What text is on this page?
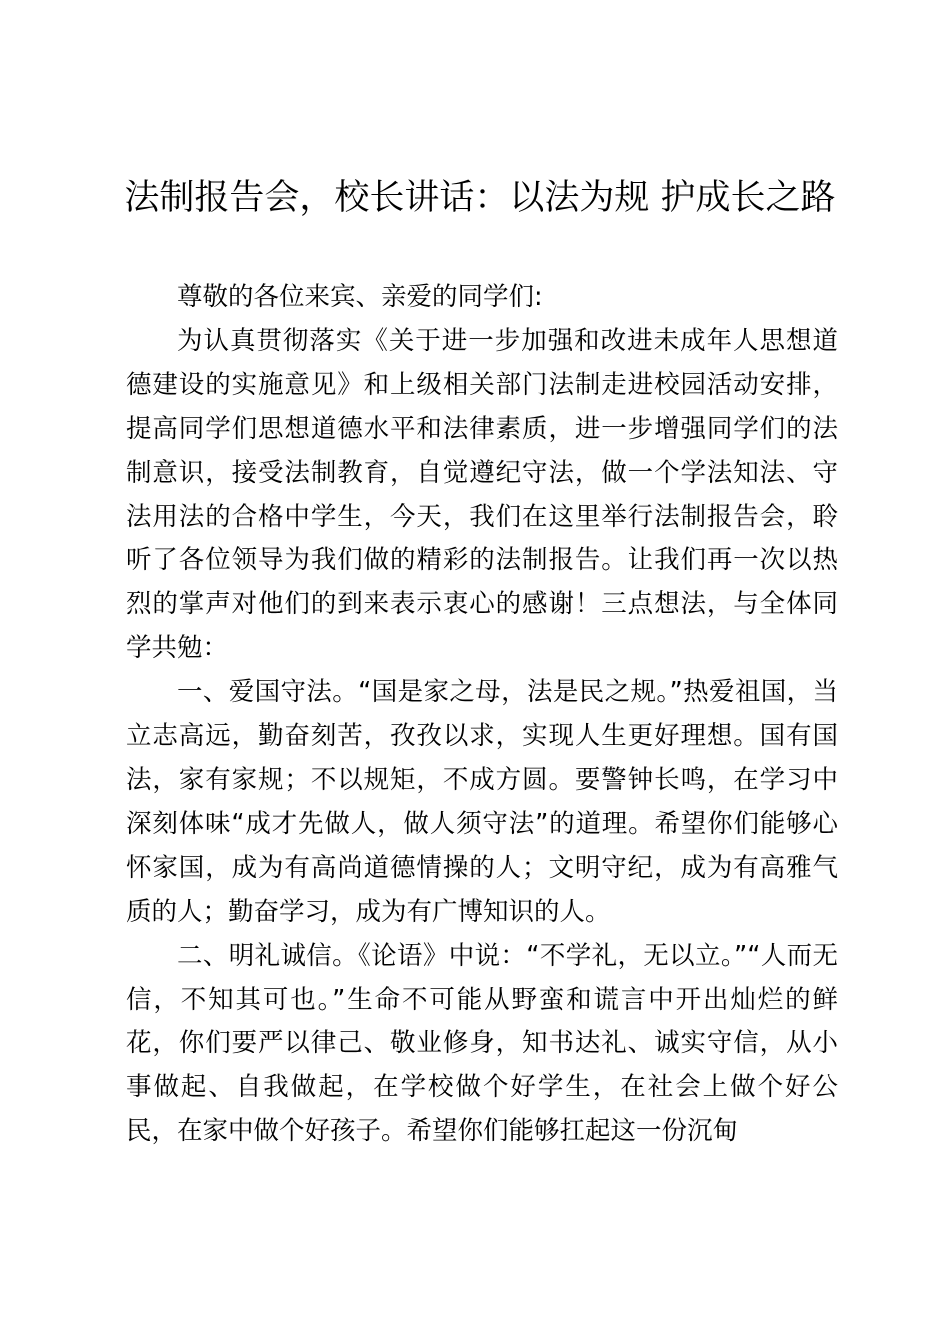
法制报告会，校长讲话：以法为规 护成长之路

尊敬的各位来宾、亲爱的同学们:

为认真贯彻落实《关于进一步加强和改进未成年人思想道德建设的实施意见》和上级相关部门法制走进校园活动安排，提高同学们思想道德水平和法律素质，进一步增强同学们的法制意识，接受法制教育，自觉遵纪守法，做一个学法知法、守法用法的合格中学生，今天，我们在这里举行法制报告会，聆听了各位领导为我们做的精彩的法制报告。让我们再一次以热烈的掌声对他们的到来表示衷心的感谢！三点想法，与全体同学共勉：

一、爱国守法。“国是家之母，法是民之规。”热爱祖国，当立志高远，勤奋刻苦，孜孜以求，实现人生更好理想。国有国法，家有家规；不以规矩，不成方圆。要警钟长鸣，在学习中深刻体味“成才先做人，做人须守法”的道理。希望你们能够心怀家国，成为有高尚道德情操的人；文明守纪，成为有高雅气质的人；勤奋学习，成为有广博知识的人。

二、明礼诚信。《论语》中说：“不学礼，无以立。”“人而无信，不知其可也。”生命不可能从野蛮和谎言中开出灿烂的鲜花，你们要严以律己、敬业修身，知书达礼、诚实守信，从小事做起、自我做起，在学校做个好学生，在社会上做个好公民，在家中做个好孩子。希望你们能够扛起这一份沉甸
